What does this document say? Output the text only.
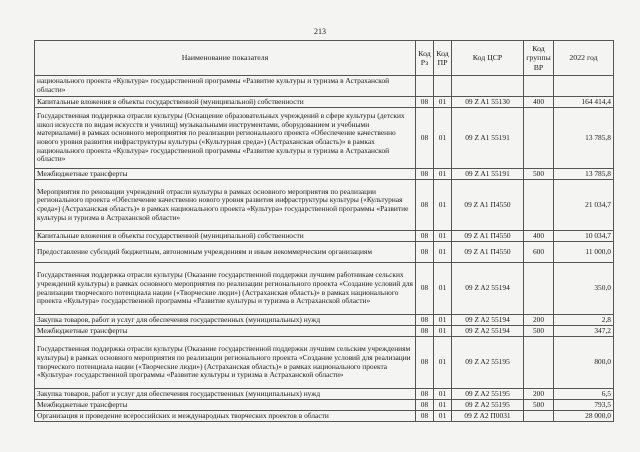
213
Наименование показателя	Код Рз	Код ПР	Код ЦСР	Код группы ВР	2022 год
национального проекта «Культура» государственной программы «Развитие культуры и туризма в Астраханской области»					
Капитальные вложения в объекты государственной (муниципальной) собственности	08	01	09 Z A1 55130	400	164 414,4
Государственная поддержка отрасли культуры (Оснащение образовательных учреждений в сфере культуры (детских школ искусств по видам искусств и училищ) музыкальными инструментами, оборудованием и учебными материалами) в рамках основного мероприятия по реализации регионального проекта «Обеспечение качественно нового уровня развития инфраструктуры культуры («Культурная среда») (Астраханская область)» в рамках национального проекта «Культура» государственной программы «Развитие культуры и туризма в Астраханской области»	08	01	09 Z A1 55191		13 785,8
Межбюджетные трансферты	08	01	09 Z A1 55191	500	13 785,8
Мероприятия по реновации учреждений отрасли культуры в рамках основного мероприятия по реализации регионального проекта «Обеспечение качественно нового уровня развития инфраструктуры культуры («Культурная среда») (Астраханская область)» в рамках национального проекта «Культура» государственной программы «Развитие культуры и туризма в Астраханской области»	08	01	09 Z A1 П4550		21 034,7
Капитальные вложения в объекты государственной (муниципальной) собственности	08	01	09 Z A1 П4550	400	10 034,7
Предоставление субсидий бюджетным, автономным учреждениям и иным некоммерческим организациям	08	01	09 Z A1 П4550	600	11 000,0
Государственная поддержка отрасли культуры (Оказание государственной поддержки лучшим работникам сельских учреждений культуры) в рамках основного мероприятия по реализации регионального проекта «Создание условий для реализации творческого потенциала нации («Творческие люди») (Астраханская область)» в рамках национального проекта «Культура» государственной программы «Развитие культуры и туризма в Астраханской области»	08	01	09 Z A2 55194		350,0
Закупка товаров, работ и услуг для обеспечения государственных (муниципальных) нужд	08	01	09 Z A2 55194	200	2,8
Межбюджетные трансферты	08	01	09 Z A2 55194	500	347,2
Государственная поддержка отрасли культуры (Оказание государственной поддержки лучшим сельским учреждениям культуры) в рамках основного мероприятия по реализации регионального проекта «Создание условий для реализации творческого потенциала нации («Творческие люди») (Астраханская область)» в рамках национального проекта «Культура» государственной программы «Развитие культуры и туризма в Астраханской области»	08	01	09 Z A2 55195		800,0
Закупка товаров, работ и услуг для обеспечения государственных (муниципальных) нужд	08	01	09 Z A2 55195	200	6,5
Межбюджетные трансферты	08	01	09 Z A2 55195	500	793,5
Организация и проведение всероссийских и международных творческих проектов в области	08	01	09 Z A2 П0031		28 000,0
